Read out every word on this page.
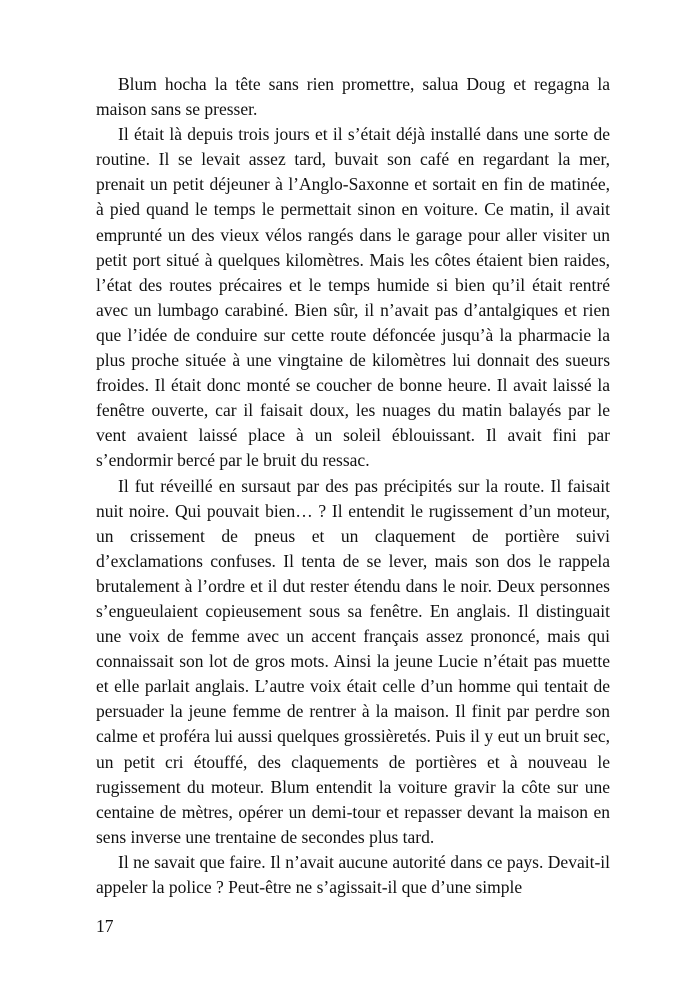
Blum hocha la tête sans rien promettre, salua Doug et regagna la maison sans se presser.

Il était là depuis trois jours et il s’était déjà installé dans une sorte de routine. Il se levait assez tard, buvait son café en regardant la mer, prenait un petit déjeuner à l’Anglo-Saxonne et sortait en fin de matinée, à pied quand le temps le permettait sinon en voiture. Ce matin, il avait emprunté un des vieux vélos rangés dans le garage pour aller visiter un petit port situé à quelques kilomètres. Mais les côtes étaient bien raides, l’état des routes précaires et le temps humide si bien qu’il était rentré avec un lumbago carabiné. Bien sûr, il n’avait pas d’antalgiques et rien que l’idée de conduire sur cette route défoncée jusqu’à la pharmacie la plus proche située à une vingtaine de kilomètres lui donnait des sueurs froides. Il était donc monté se coucher de bonne heure. Il avait laissé la fenêtre ouverte, car il faisait doux, les nuages du matin balayés par le vent avaient laissé place à un soleil éblouissant. Il avait fini par s’endormir bercé par le bruit du ressac.

Il fut réveillé en sursaut par des pas précipités sur la route. Il faisait nuit noire. Qui pouvait bien… ? Il entendit le rugissement d’un moteur, un crissement de pneus et un claquement de portière suivi d’exclamations confuses. Il tenta de se lever, mais son dos le rappela brutalement à l’ordre et il dut rester étendu dans le noir. Deux personnes s’engueulaient copieusement sous sa fenêtre. En anglais. Il distinguait une voix de femme avec un accent français assez prononcé, mais qui connaissait son lot de gros mots. Ainsi la jeune Lucie n’était pas muette et elle parlait anglais. L’autre voix était celle d’un homme qui tentait de persuader la jeune femme de rentrer à la maison. Il finit par perdre son calme et proféra lui aussi quelques grossièretés. Puis il y eut un bruit sec, un petit cri étouffé, des claquements de portières et à nouveau le rugissement du moteur. Blum entendit la voiture gravir la côte sur une centaine de mètres, opérer un demi-tour et repasser devant la maison en sens inverse une trentaine de secondes plus tard.

Il ne savait que faire. Il n’avait aucune autorité dans ce pays. Devait-il appeler la police ? Peut-être ne s’agissait-il que d’une simple

17
